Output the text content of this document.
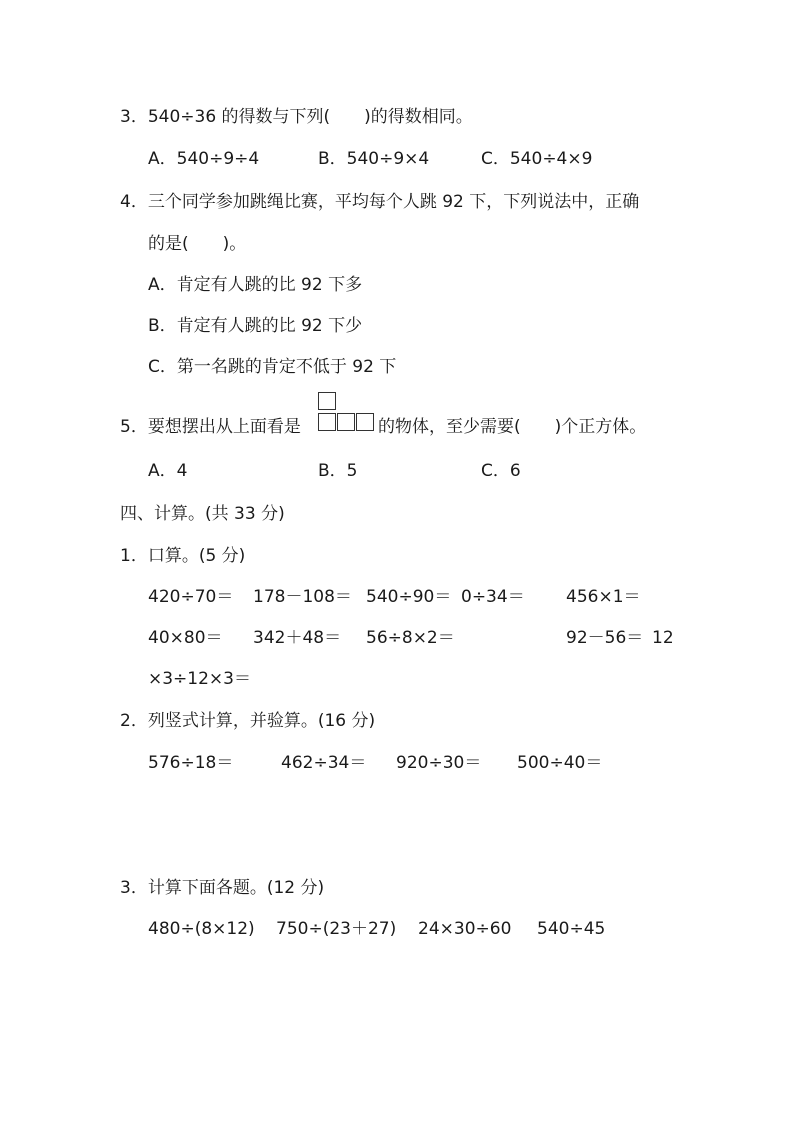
3．540÷36 的得数与下列(　　)的得数相同。
A．540÷9÷4	B．540÷9×4	C．540÷4×9
4．三个同学参加跳绳比赛，平均每个人跳 92 下，下列说法中，正确
的是(　　)。
A．肯定有人跳的比 92 下多
B．肯定有人跳的比 92 下少
C．第一名跳的肯定不低于 92 下
5．要想摆出从上面看是	的物体，至少需要(　　)个正方体。
A．4	B．5	C．6
四、计算。(共 33 分)
1．口算。(5 分)
420÷70＝ 178－108＝ 540÷90＝ 0÷34＝ 456×1＝
40×80＝ 342＋48＝ 56÷8×2＝	92－56＝ 12
×3÷12×3＝
2．列竖式计算，并验算。(16 分)
576÷18＝	462÷34＝ 920÷30＝ 500÷40＝
3．计算下面各题。(12 分)
480÷(8×12) 750÷(23＋27) 24×30÷60 540÷45
